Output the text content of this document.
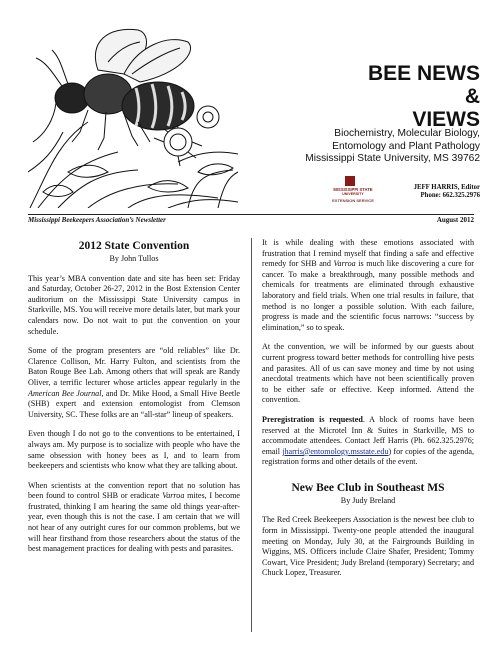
BEE NEWS
&
VIEWS
Biochemistry, Molecular Biology,
Entomology and Plant Pathology
Mississippi State University, MS 39762
MISSISSIPPI STATE
UNIVERSITY
EXTENSION SERVICE
JEFF HARRIS, Editor
Phone: 662.325.2976
Mississippi Beekeepers Association’s Newsletter	August 2012
2012 State Convention
By John Tullos

This year’s MBA convention date and site has been set: Friday and Saturday, October 26-27, 2012 in the Bost Extension Center auditorium on the Mississippi State University campus in Starkville, MS. You will receive more details later, but mark your calendars now. Do not wait to put the convention on your schedule.

Some of the program presenters are “old reliables” like Dr. Clarence Collison, Mr. Harry Fulton, and scientists from the Baton Rouge Bee Lab. Among others that will speak are Randy Oliver, a terrific lecturer whose articles appear regularly in the American Bee Journal, and Dr. Mike Hood, a Small Hive Beetle (SHB) expert and extension entomologist from Clemson University, SC. These folks are an “all-star” lineup of speakers.

Even though I do not go to the conventions to be entertained, I always am. My purpose is to socialize with people who have the same obsession with honey bees as I, and to learn from beekeepers and scientists who know what they are talking about.

When scientists at the convention report that no solution has been found to control SHB or eradicate Varroa mites, I become frustrated, thinking I am hearing the same old things year-after-year, even though this is not the case. I am certain that we will not hear of any outright cures for our common problems, but we will hear firsthand from those researchers about the status of the best management practices for dealing with pests and parasites.

It is while dealing with these emotions associated with frustration that I remind myself that finding a safe and effective remedy for SHB and Varroa is much like discovering a cure for cancer. To make a breakthrough, many possible methods and chemicals for treatments are eliminated through exhaustive laboratory and field trials. When one trial results in failure, that method is no longer a possible solution. With each failure, progress is made and the scientific focus narrows: “success by elimination,” so to speak.

At the convention, we will be informed by our guests about current progress toward better methods for controlling hive pests and parasites. All of us can save money and time by not using anecdotal treatments which have not been scientifically proven to be either safe or effective. Keep informed. Attend the convention.

Preregistration is requested. A block of rooms have been reserved at the Microtel Inn & Suites in Starkville, MS to accommodate attendees. Contact Jeff Harris (Ph. 662.325.2976; email jharris@entomology.msstate.edu) for copies of the agenda, registration forms and other details of the event.

New Bee Club in Southeast MS
By Judy Breland

The Red Creek Beekeepers Association is the newest bee club to form in Mississippi. Twenty-one people attended the inaugural meeting on Monday, July 30, at the Fairgrounds Building in Wiggins, MS. Officers include Claire Shafer, President; Tommy Cowart, Vice President; Judy Breland (temporary) Secretary; and Chuck Lopez, Treasurer.
